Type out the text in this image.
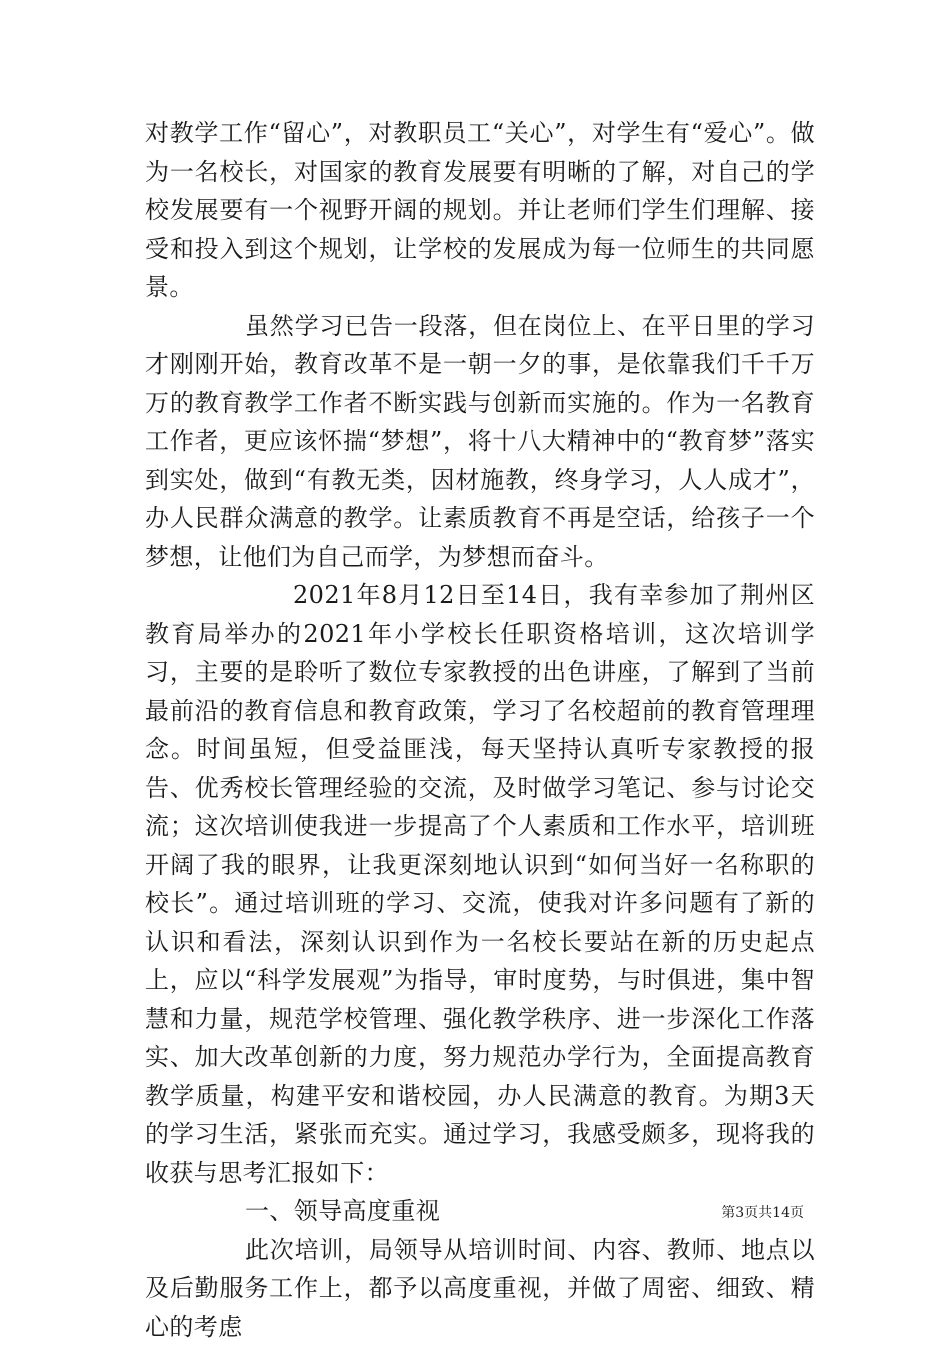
对教学工作“留心”，对教职员工“关心”，对学生有“爱心”。做为一名校长，对国家的教育发展要有明晰的了解，对自己的学校发展要有一个视野开阔的规划。并让老师们学生们理解、接受和投入到这个规划，让学校的发展成为每一位师生的共同愿景。

虽然学习已告一段落，但在岗位上、在平日里的学习才刚刚开始，教育改革不是一朝一夕的事，是依靠我们千千万万的教育教学工作者不断实践与创新而实施的。作为一名教育工作者，更应该怀揣“梦想”，将十八大精神中的“教育梦”落实到实处，做到“有教无类，因材施教，终身学习，人人成才”，办人民群众满意的教学。让素质教育不再是空话，给孩子一个梦想，让他们为自己而学，为梦想而奋斗。

2021年8月12日至14日，我有幸参加了荆州区教育局举办的2021年小学校长任职资格培训，这次培训学习，主要的是聆听了数位专家教授的出色讲座，了解到了当前最前沿的教育信息和教育政策，学习了名校超前的教育管理理念。时间虽短，但受益匪浅，每天坚持认真听专家教授的报告、优秀校长管理经验的交流，及时做学习笔记、参与讨论交流；这次培训使我进一步提高了个人素质和工作水平，培训班开阔了我的眼界，让我更深刻地认识到“如何当好一名称职的校长”。通过培训班的学习、交流，使我对许多问题有了新的认识和看法，深刻认识到作为一名校长要站在新的历史起点上，应以“科学发展观”为指导，审时度势，与时俱进，集中智慧和力量，规范学校管理、强化教学秩序、进一步深化工作落实、加大改革创新的力度，努力规范办学行为，全面提高教育教学质量，构建平安和谐校园，办人民满意的教育。为期3天的学习生活，紧张而充实。通过学习，我感受颇多，现将我的收获与思考汇报如下：

一、领导高度重视

此次培训，局领导从培训时间、内容、教师、地点以及后勤服务工作上，都予以高度重视，并做了周密、细致、精心的考虑

第3页共14页
